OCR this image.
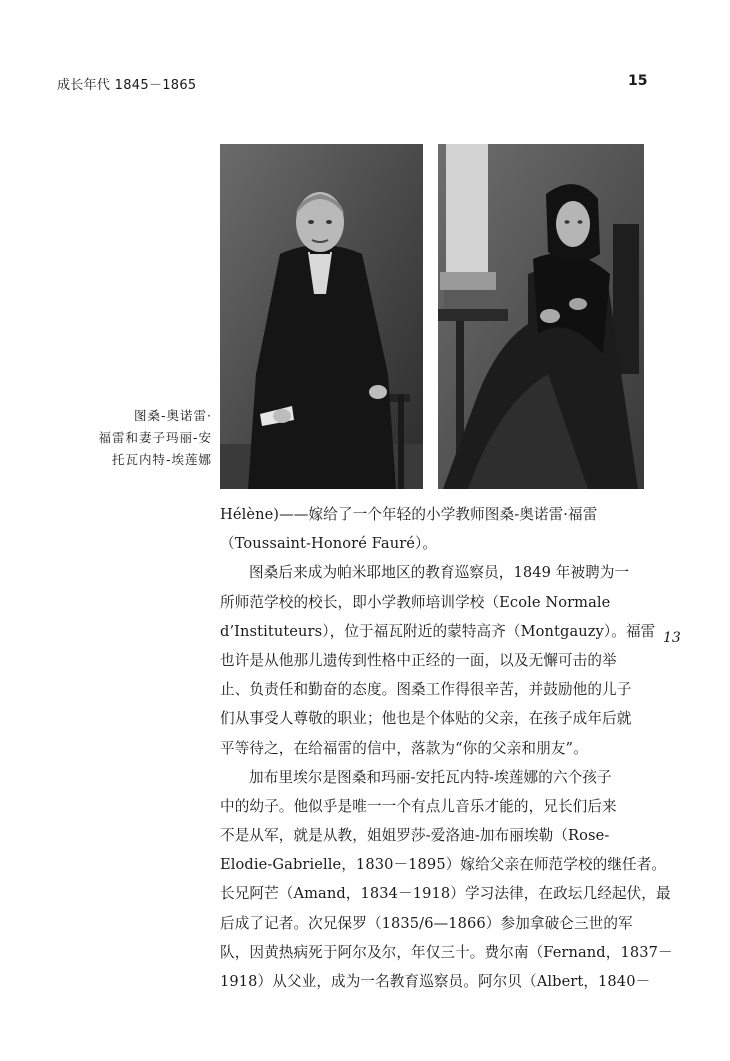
成长年代 1845－1865	15
图桑-奥诺雷·
福雷和妻子玛丽-安
托瓦内特-埃莲娜
13
Hélène)——嫁给了一个年轻的小学教师图桑-奥诺雷·福雷
（Toussaint-Honoré Fauré）。
图桑后来成为帕米耶地区的教育巡察员，1849 年被聘为一
所师范学校的校长，即小学教师培训学校（Ecole Normale
d’Instituteurs），位于福瓦附近的蒙特高齐（Montgauzy）。福雷
也许是从他那儿遗传到性格中正经的一面，以及无懈可击的举
止、负责任和勤奋的态度。图桑工作得很辛苦，并鼓励他的儿子
们从事受人尊敬的职业；他也是个体贴的父亲，在孩子成年后就
平等待之，在给福雷的信中，落款为“你的父亲和朋友”。
加布里埃尔是图桑和玛丽-安托瓦内特-埃莲娜的六个孩子
中的幼子。他似乎是唯一一个有点儿音乐才能的，兄长们后来
不是从军，就是从教，姐姐罗莎-爱洛迪-加布丽埃勒（Rose-
Elodie-Gabrielle，1830－1895）嫁给父亲在师范学校的继任者。
长兄阿芒（Amand，1834－1918）学习法律，在政坛几经起伏，最
后成了记者。次兄保罗（1835/6—1866）参加拿破仑三世的军
队，因黄热病死于阿尔及尔，年仅三十。费尔南（Fernand，1837－
1918）从父业，成为一名教育巡察员。阿尔贝（Albert，1840－
